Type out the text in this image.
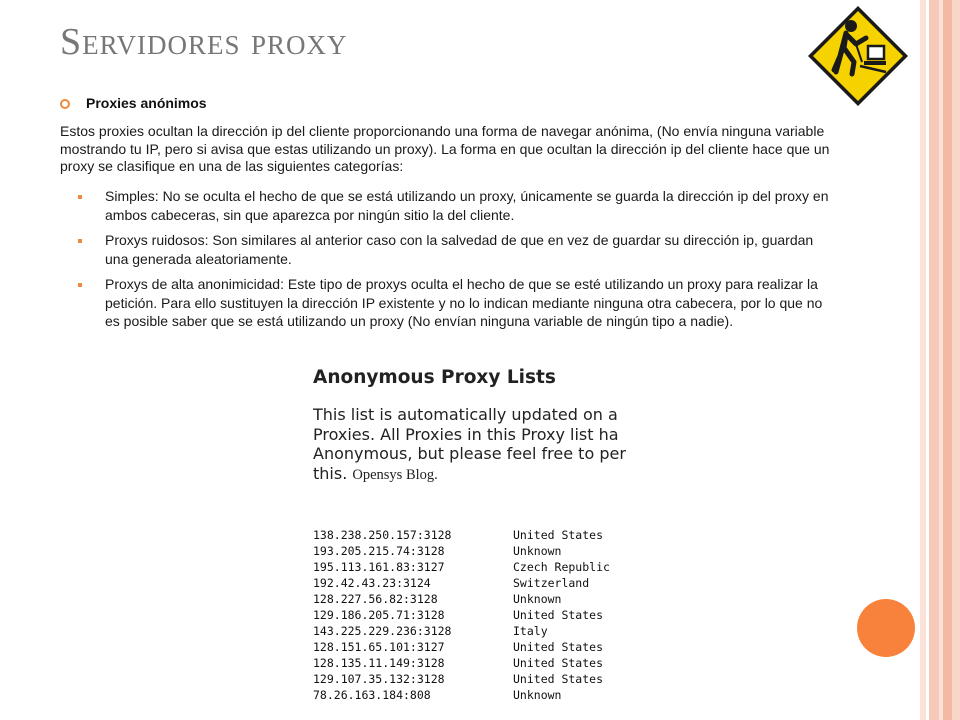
Servidores proxy
Proxies anónimos
Estos proxies ocultan la dirección ip del cliente proporcionando una forma de navegar anónima, (No envía ninguna variable mostrando tu IP, pero si avisa que estas utilizando un proxy). La forma en que ocultan la dirección ip del cliente hace que un proxy se clasifique en una de las siguientes categorías:
Simples: No se oculta el hecho de que se está utilizando un proxy, únicamente se guarda la dirección ip del proxy en ambos cabeceras, sin que aparezca por ningún sitio la del cliente.
Proxys ruidosos: Son similares al anterior caso con la salvedad de que en vez de guardar su dirección ip, guardan una generada aleatoriamente.
Proxys de alta anonimicidad: Este tipo de proxys oculta el hecho de que se esté utilizando un proxy para realizar la petición. Para ello sustituyen la dirección IP existente y no lo indican mediante ninguna otra cabecera, por lo que no es posible saber que se está utilizando un proxy (No envían ninguna variable de ningún tipo a nadie).
Anonymous Proxy Lists
This list is automatically updated on a
Proxies. All Proxies in this Proxy list ha
Anonymous, but please feel free to per
this. Opensys Blog.
138.238.250.157:3128	United States
193.205.215.74:3128	Unknown
195.113.161.83:3127	Czech Republic
192.42.43.23:3124	Switzerland
128.227.56.82:3128	Unknown
129.186.205.71:3128	United States
143.225.229.236:3128	Italy
128.151.65.101:3127	United States
128.135.11.149:3128	United States
129.107.35.132:3128	United States
78.26.163.184:808	Unknown
